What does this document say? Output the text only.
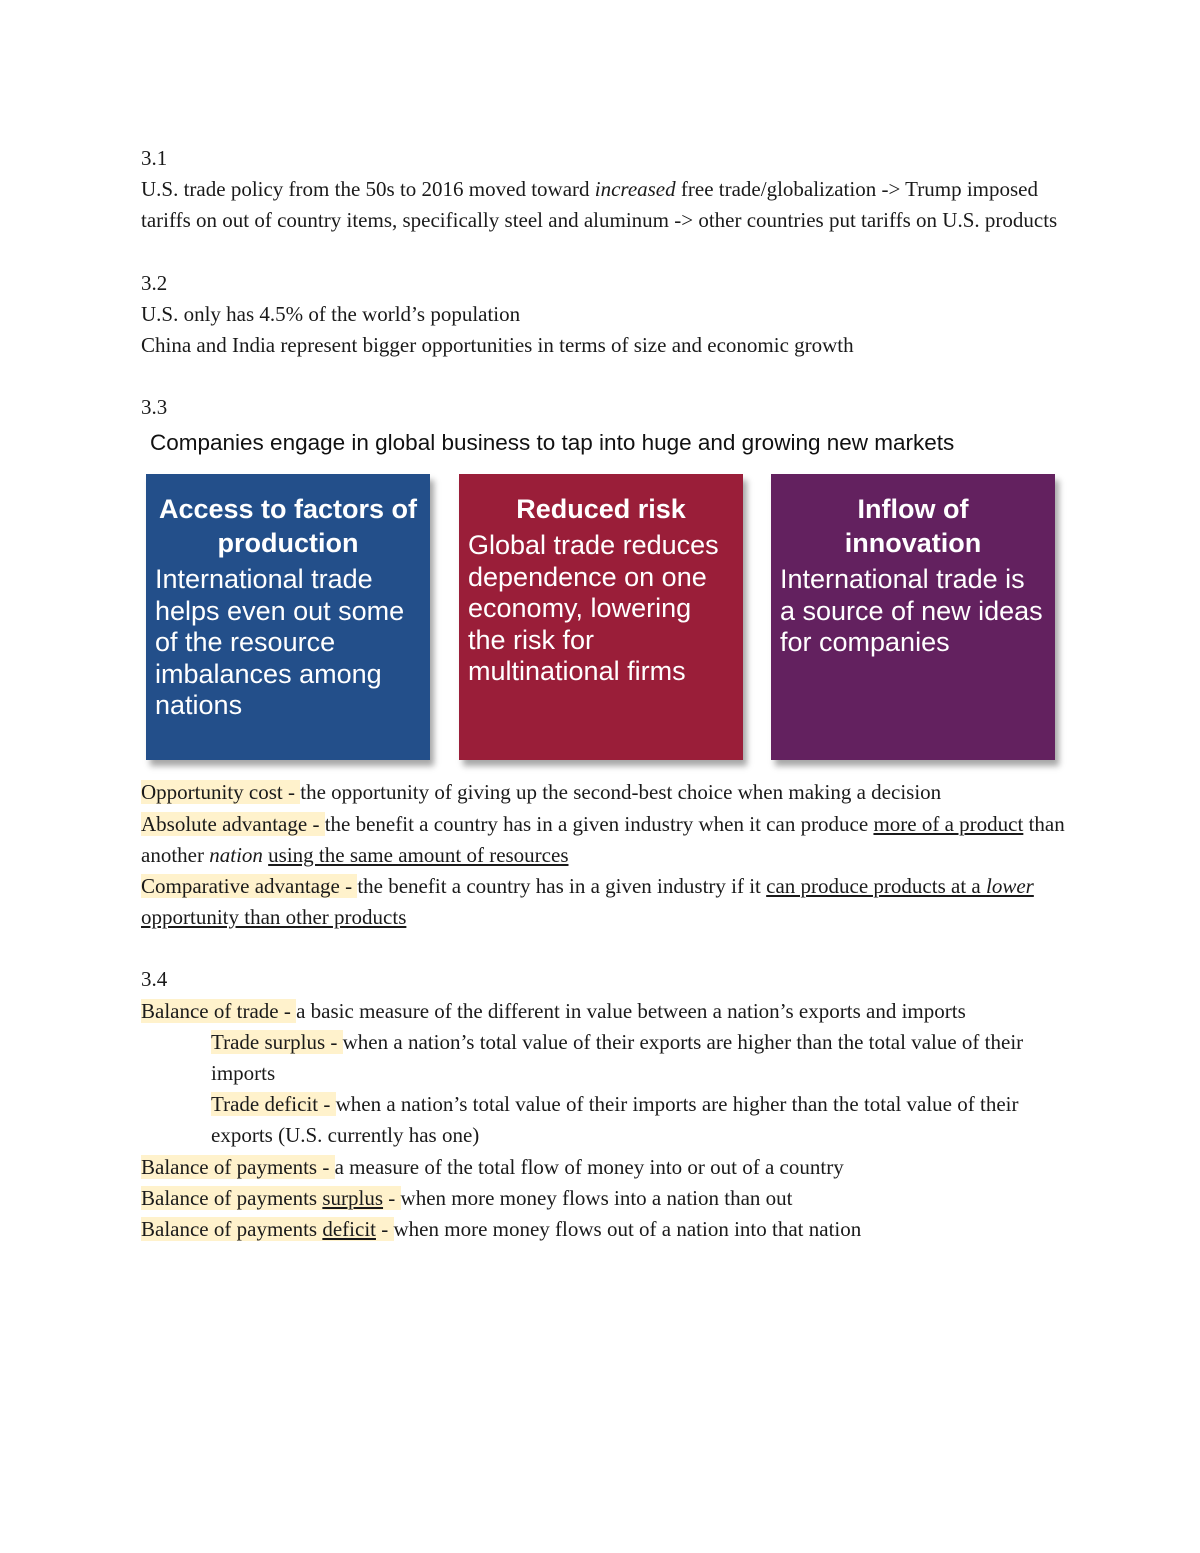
3.1

U.S. trade policy from the 50s to 2016 moved toward increased free trade/globalization -> Trump imposed tariffs on out of country items, specifically steel and aluminum -> other countries put tariffs on U.S. products

3.2

U.S. only has 4.5% of the world’s population

China and India represent bigger opportunities in terms of size and economic growth

3.3

Companies engage in global business to tap into huge and growing new markets
Access to factors of production
International trade helps even out some of the resource imbalances among nations
Reduced risk
Global trade reduces dependence on one economy, lowering the risk for multinational firms
Inflow of innovation
International trade is a source of new ideas for companies

Opportunity cost - the opportunity of giving up the second-best choice when making a decision

Absolute advantage - the benefit a country has in a given industry when it can produce more of a product than another nation using the same amount of resources

Comparative advantage - the benefit a country has in a given industry if it can produce products at a lower opportunity than other products

3.4

Balance of trade - a basic measure of the different in value between a nation’s exports and imports

Trade surplus - when a nation’s total value of their exports are higher than the total value of their imports

Trade deficit - when a nation’s total value of their imports are higher than the total value of their exports (U.S. currently has one)

Balance of payments - a measure of the total flow of money into or out of a country

Balance of payments surplus - when more money flows into a nation than out

Balance of payments deficit - when more money flows out of a nation into that nation
